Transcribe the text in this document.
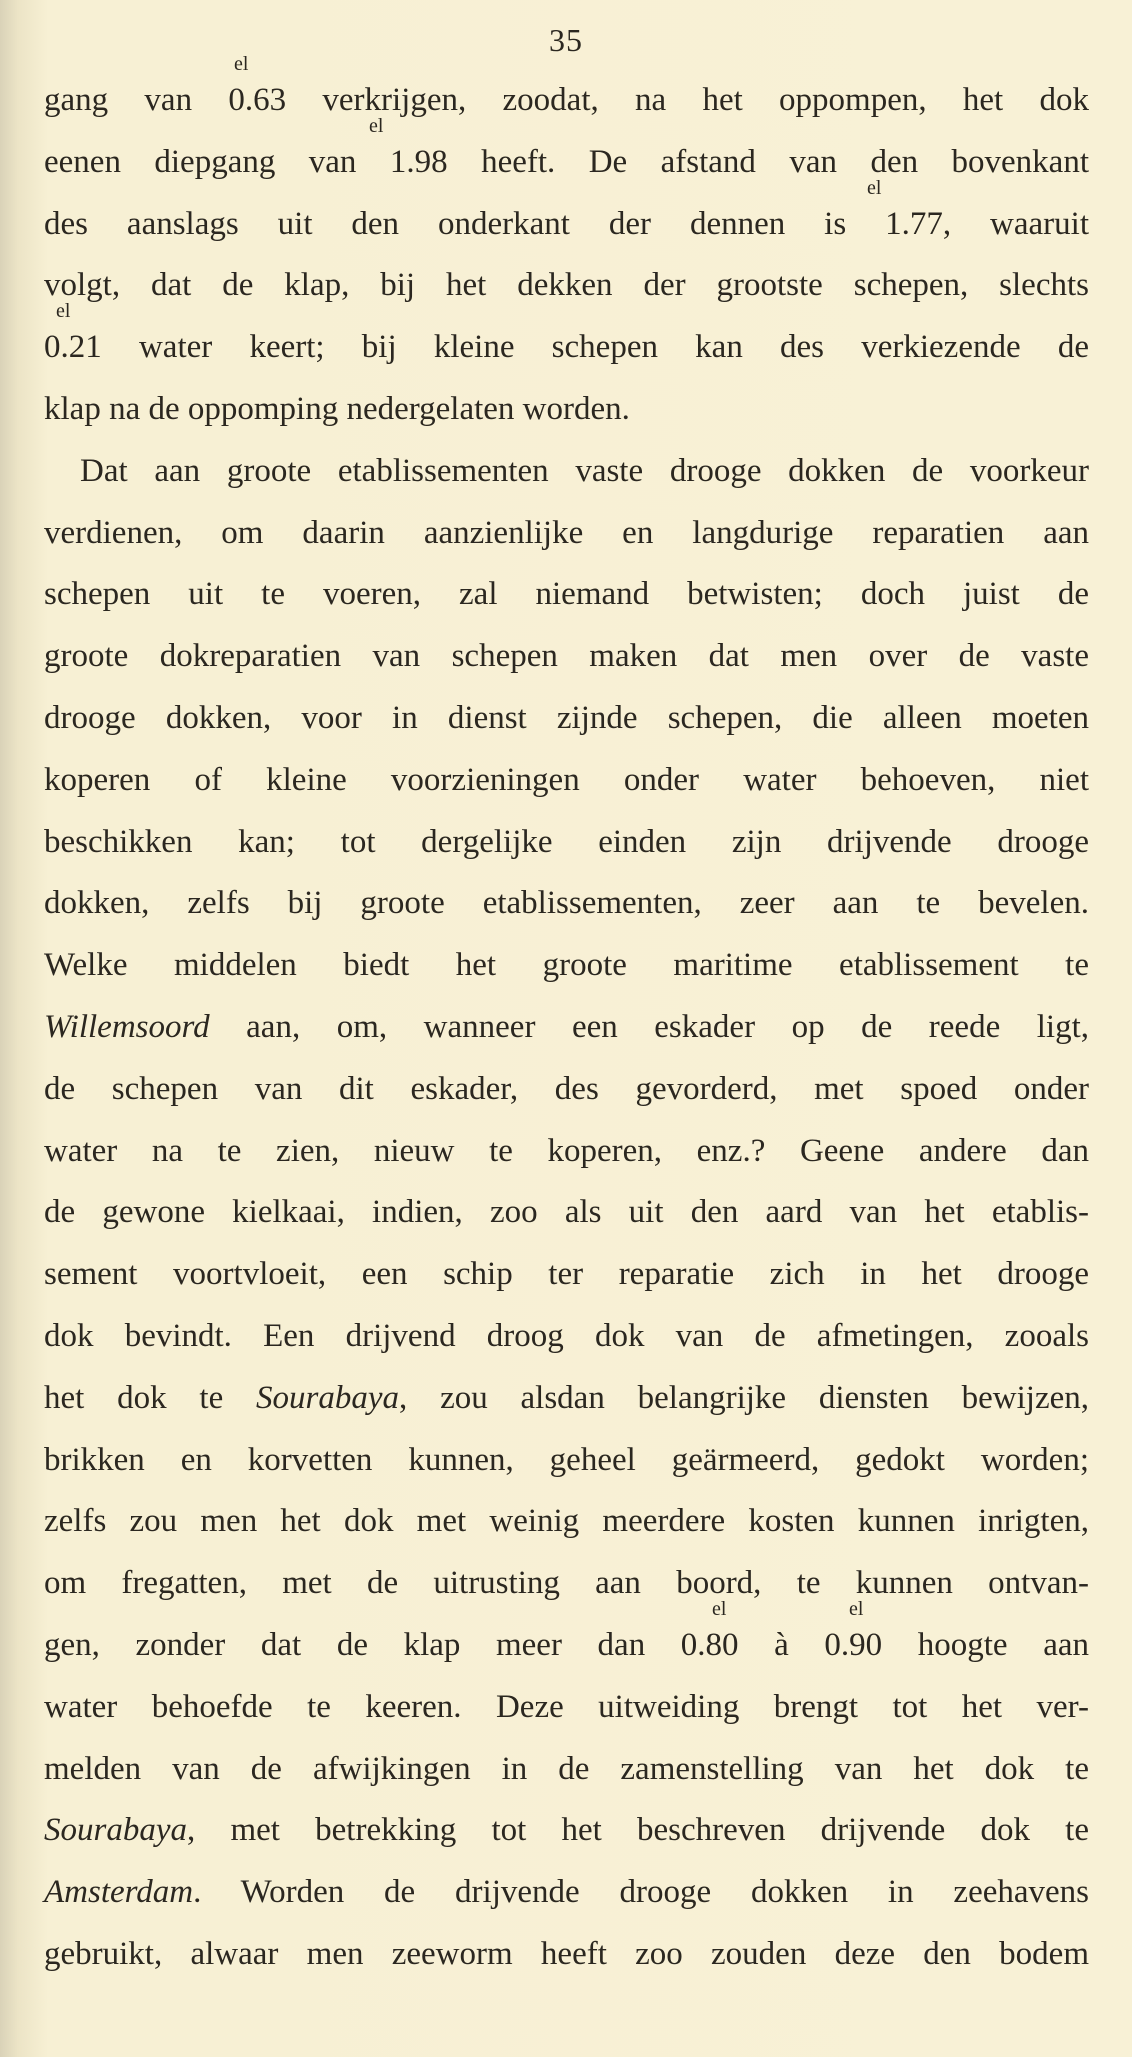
35
el
gang van 0.63 verkrijgen, zoodat, na het oppompen, het dok
el
eenen diepgang van 1.98 heeft. De afstand van den bovenkant
el
des aanslags uit den onderkant der dennen is 1.77, waaruit
volgt, dat de klap, bij het dekken der grootste schepen, slechts
el
0.21 water keert; bij kleine schepen kan des verkiezende de
klap na de oppomping nedergelaten worden.
Dat aan groote etablissementen vaste drooge dokken de voorkeur
verdienen, om daarin aanzienlijke en langdurige reparatien aan
schepen uit te voeren, zal niemand betwisten; doch juist de
groote dokreparatien van schepen maken dat men over de vaste
drooge dokken, voor in dienst zijnde schepen, die alleen moeten
koperen of kleine voorzieningen onder water behoeven, niet
beschikken kan; tot dergelijke einden zijn drijvende drooge
dokken, zelfs bij groote etablissementen, zeer aan te bevelen.
Welke middelen biedt het groote maritime etablissement te
Willemsoord aan, om, wanneer een eskader op de reede ligt,
de schepen van dit eskader, des gevorderd, met spoed onder
water na te zien, nieuw te koperen, enz.? Geene andere dan
de gewone kielkaai, indien, zoo als uit den aard van het etablis-
sement voortvloeit, een schip ter reparatie zich in het drooge
dok bevindt. Een drijvend droog dok van de afmetingen, zooals
het dok te Sourabaya, zou alsdan belangrijke diensten bewijzen,
brikken en korvetten kunnen, geheel geärmeerd, gedokt worden;
zelfs zou men het dok met weinig meerdere kosten kunnen inrigten,
om fregatten, met de uitrusting aan boord, te kunnen ontvan-
el	el
gen, zonder dat de klap meer dan 0.80 à 0.90 hoogte aan
water behoefde te keeren. Deze uitweiding brengt tot het ver-
melden van de afwijkingen in de zamenstelling van het dok te
Sourabaya, met betrekking tot het beschreven drijvende dok te
Amsterdam. Worden de drijvende drooge dokken in zeehavens
gebruikt, alwaar men zeeworm heeft zoo zouden deze den bodem
